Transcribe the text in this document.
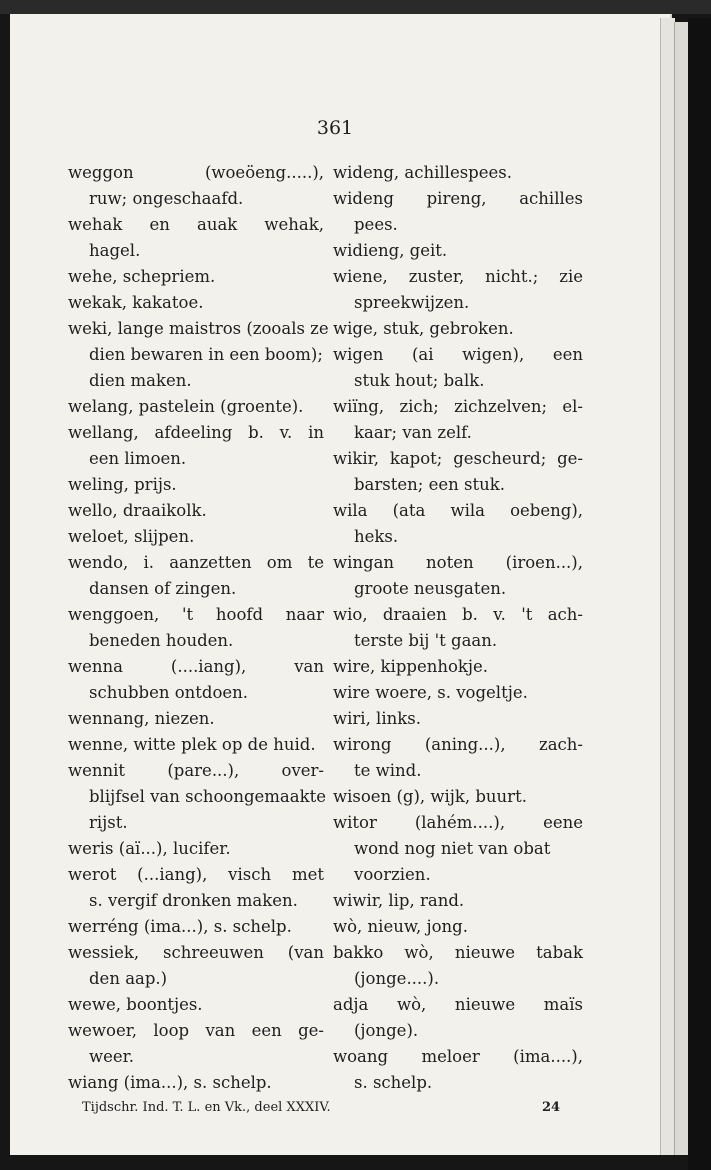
361
weggon (woeöeng.....),
ruw; ongeschaafd.
wehak en auak wehak,
hagel.
wehe, schepriem.
wekak, kakatoe.
weki, lange maistros (zooals ze
dien bewaren in een boom);
dien maken.
welang, pastelein (groente).
wellang, afdeeling b. v. in
een limoen.
weling, prijs.
wello, draaikolk.
weloet, slijpen.
wendo, i. aanzetten om te
dansen of zingen.
wenggoen, 't hoofd naar
beneden houden.
wenna (....iang), van
schubben ontdoen.
wennang, niezen.
wenne, witte plek op de huid.
wennit (pare...), over-
blijfsel van schoongemaakte
rijst.
weris (aï...), lucifer.
werot (...iang), visch met
s. vergif dronken maken.
werréng (ima...), s. schelp.
wessiek, schreeuwen (van
den aap.)
wewe, boontjes.
wewoer, loop van een ge-
weer.
wiang (ima...), s. schelp.
wideng, achillespees.
wideng pireng, achilles
pees.
widieng, geit.
wiene, zuster, nicht.; zie
spreekwijzen.
wige, stuk, gebroken.
wigen (ai wigen), een
stuk hout; balk.
wiïng, zich; zichzelven; el-
kaar; van zelf.
wikir, kapot; gescheurd; ge-
barsten; een stuk.
wila (ata wila oebeng),
heks.
wingan noten (iroen...),
groote neusgaten.
wio, draaien b. v. 't ach-
terste bij 't gaan.
wire, kippenhokje.
wire woere, s. vogeltje.
wiri, links.
wirong (aning...), zach-
te wind.
wisoen (g), wijk, buurt.
witor (lahém....), eene
wond nog niet van obat
voorzien.
wiwir, lip, rand.
wò, nieuw, jong.
bakko wò, nieuwe tabak
(jonge....).
adja wò, nieuwe maïs
(jonge).
woang meloer (ima....),
s. schelp.
Tijdschr. Ind. T. L. en Vk., deel XXXIV.	24
